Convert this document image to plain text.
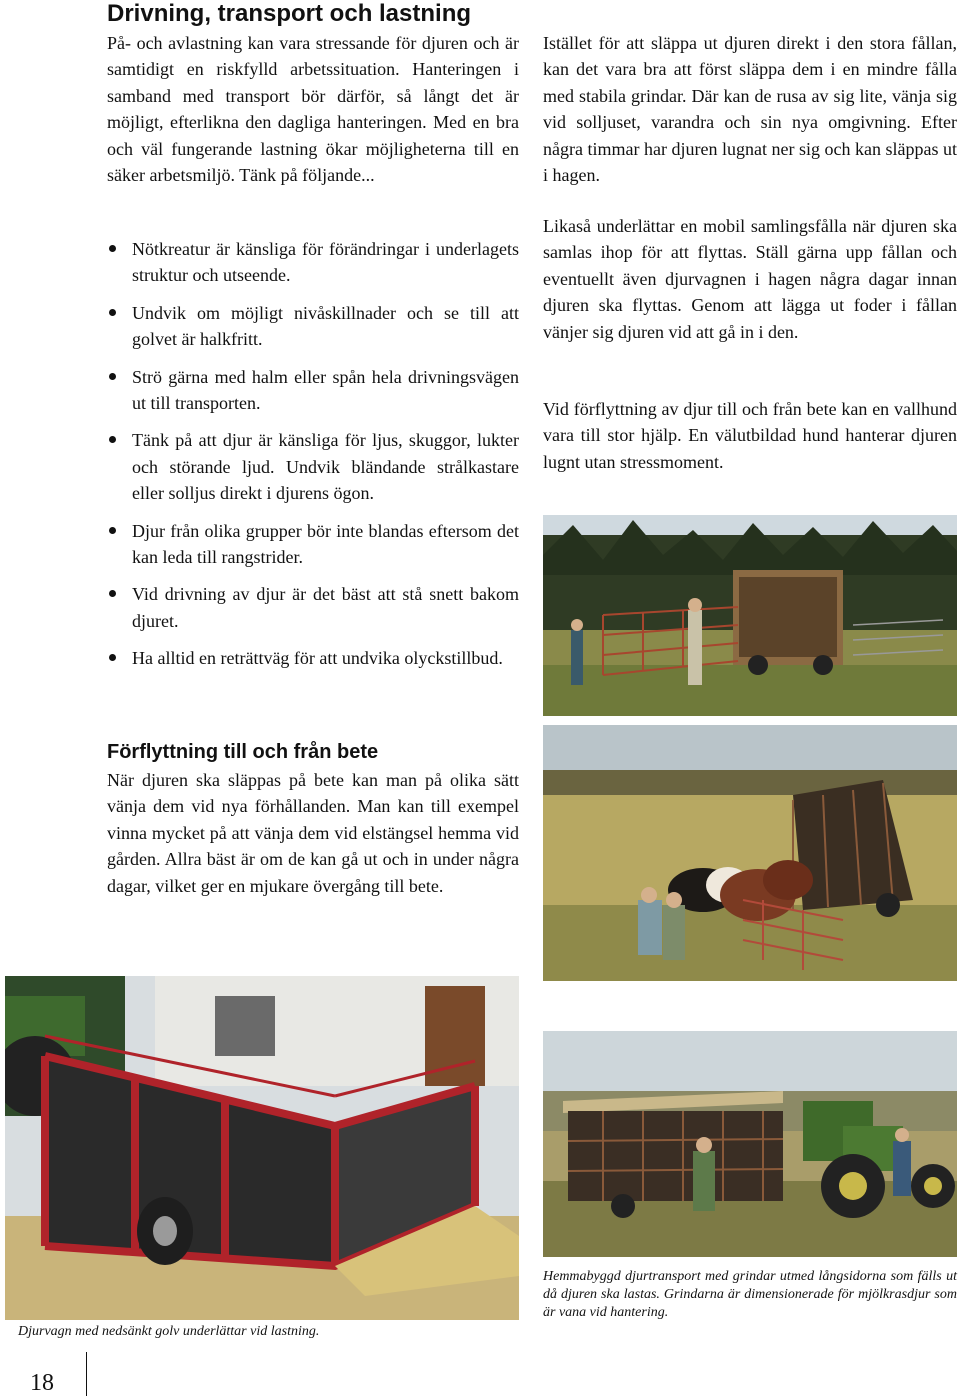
Drivning, transport och lastning

På- och avlastning kan vara stressande för djuren och är samtidigt en riskfylld arbetssituation. Hanteringen i samband med transport bör därför, så långt det är möjligt, efterlikna den dagliga hanteringen. Med en bra och väl fungerande lastning ökar möjligheterna till en säker arbetsmiljö. Tänk på följande...

Nötkreatur är känsliga för förändringar i underlagets struktur och utseende.
Undvik om möjligt nivåskillnader och se till att golvet är halkfritt.
Strö gärna med halm eller spån hela drivningsvägen ut till transporten.
Tänk på att djur är känsliga för ljus, skuggor, lukter och störande ljud. Undvik bländande strålkastare eller solljus direkt i djurens ögon.
Djur från olika grupper bör inte blandas eftersom det kan leda till rangstrider.
Vid drivning av djur är det bäst att stå snett bakom djuret.
Ha alltid en reträttväg för att undvika olyckstillbud.
Förflyttning till och från bete

När djuren ska släppas på bete kan man på olika sätt vänja dem vid nya förhållanden. Man kan till exempel vinna mycket på att vänja dem vid elstängsel hemma vid gården. Allra bäst är om de kan gå ut och in under några dagar, vilket ger en mjukare övergång till bete.

Istället för att släppa ut djuren direkt i den stora fållan, kan det vara bra att först släppa dem i en mindre fålla med stabila grindar. Där kan de rusa av sig lite, vänja sig vid solljuset, varandra och sin nya omgivning. Efter några timmar har djuren lugnat ner sig och kan släppas ut i hagen.

Likaså underlättar en mobil samlingsfålla när djuren ska samlas ihop för att flyttas. Ställ gärna upp fållan och eventuellt även djurvagnen i hagen några dagar innan djuren ska flyttas. Genom att lägga ut foder i fållan vänjer sig djuren vid att gå in i den.

Vid förflyttning av djur till och från bete kan en vallhund vara till stor hjälp. En välutbildad hund hanterar djuren lugnt utan stressmoment.

Hemmabyggd djurtransport med grindar utmed långsidorna som fälls ut då djuren ska lastas. Grindarna är dimensionerade för mjölkrasdjur som är vana vid hantering.

Djurvagn med nedsänkt golv underlättar vid lastning.

18
